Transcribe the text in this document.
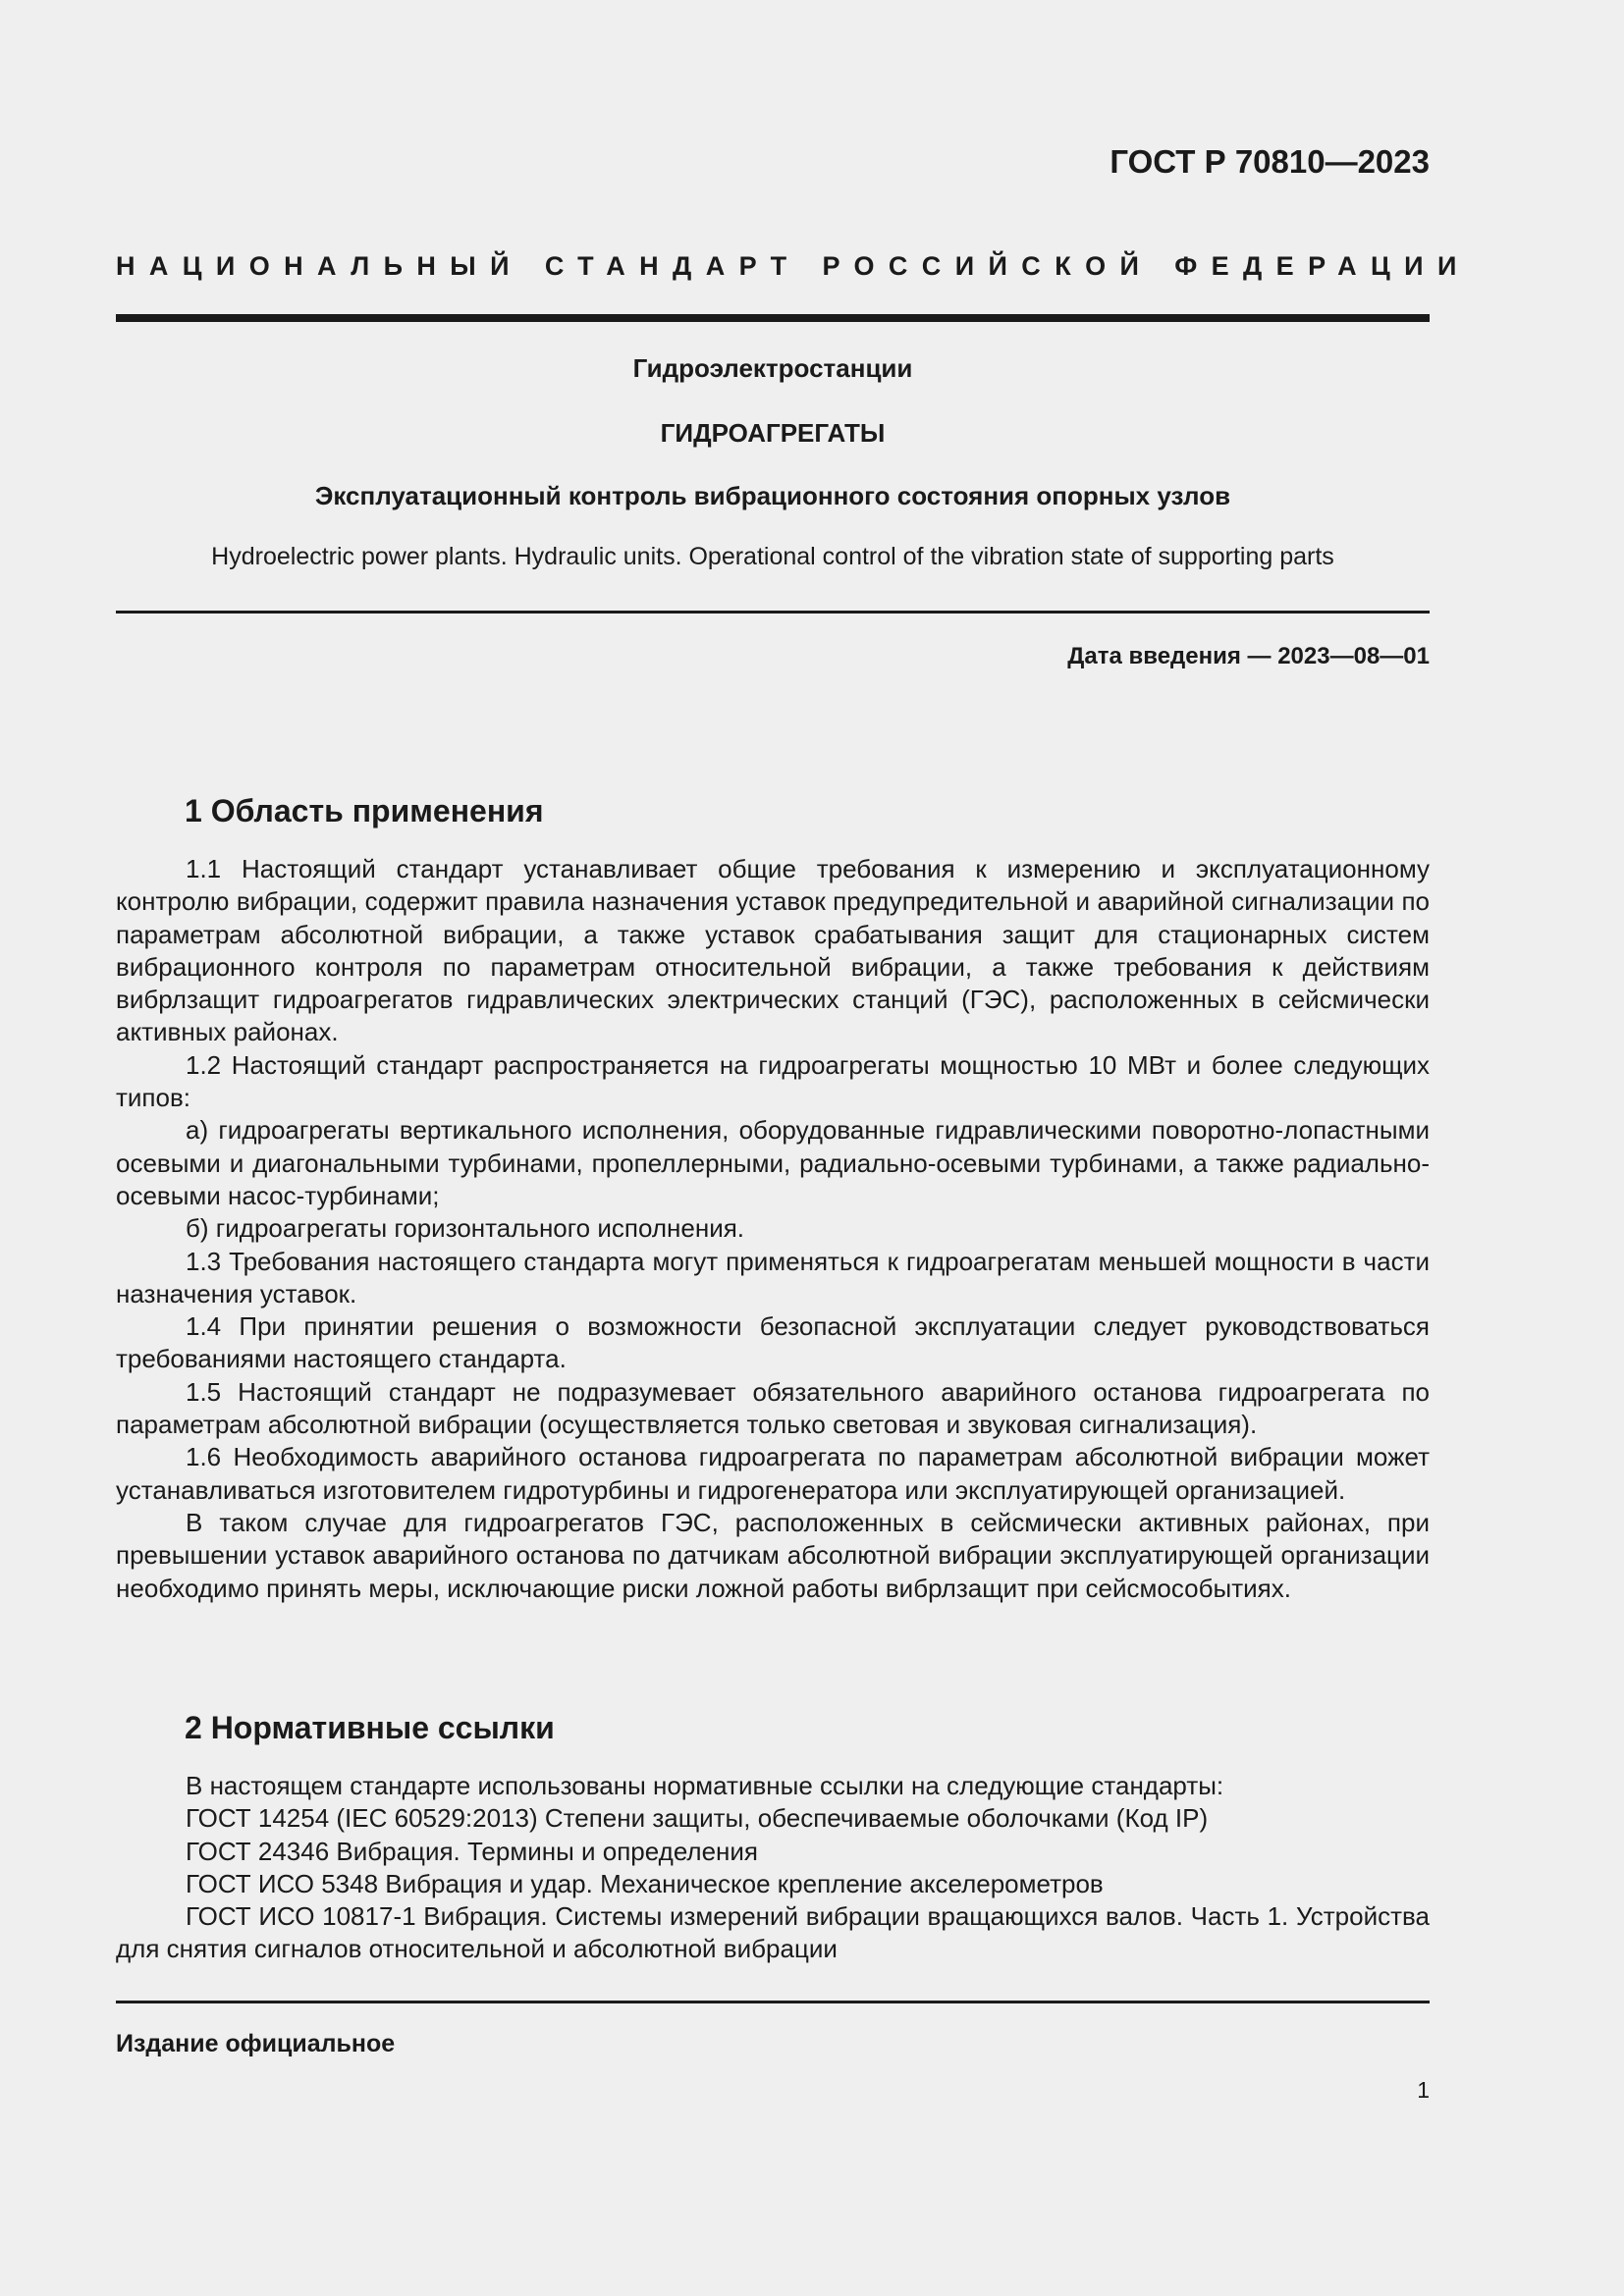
ГОСТ Р 70810—2023
НАЦИОНАЛЬНЫЙ СТАНДАРТ РОССИЙСКОЙ ФЕДЕРАЦИИ
Гидроэлектростанции
ГИДРОАГРЕГАТЫ
Эксплуатационный контроль вибрационного состояния опорных узлов
Hydroelectric power plants. Hydraulic units. Operational control of the vibration state of supporting parts
Дата введения — 2023—08—01
1 Область применения

1.1 Настоящий стандарт устанавливает общие требования к измерению и эксплуатационному контролю вибрации, содержит правила назначения уставок предупредительной и аварийной сигнализации по параметрам абсолютной вибрации, а также уставок срабатывания защит для стационарных систем вибрационного контроля по параметрам относительной вибрации, а также требования к действиям вибрлзащит гидроагрегатов гидравлических электрических станций (ГЭС), расположенных в сейсмически активных районах.

1.2 Настоящий стандарт распространяется на гидроагрегаты мощностью 10 МВт и более следующих типов:

а) гидроагрегаты вертикального исполнения, оборудованные гидравлическими поворотно-лопастными осевыми и диагональными турбинами, пропеллерными, радиально-осевыми турбинами, а также радиально-осевыми насос-турбинами;

б) гидроагрегаты горизонтального исполнения.

1.3 Требования настоящего стандарта могут применяться к гидроагрегатам меньшей мощности в части назначения уставок.

1.4 При принятии решения о возможности безопасной эксплуатации следует руководствоваться требованиями настоящего стандарта.

1.5 Настоящий стандарт не подразумевает обязательного аварийного останова гидроагрегата по параметрам абсолютной вибрации (осуществляется только световая и звуковая сигнализация).

1.6 Необходимость аварийного останова гидроагрегата по параметрам абсолютной вибрации может устанавливаться изготовителем гидротурбины и гидрогенератора или эксплуатирующей организацией.

В таком случае для гидроагрегатов ГЭС, расположенных в сейсмически активных районах, при превышении уставок аварийного останова по датчикам абсолютной вибрации эксплуатирующей организации необходимо принять меры, исключающие риски ложной работы вибрлзащит при сейсмособытиях.

2 Нормативные ссылки

В настоящем стандарте использованы нормативные ссылки на следующие стандарты:

ГОСТ 14254 (IEC 60529:2013) Степени защиты, обеспечиваемые оболочками (Код IP)

ГОСТ 24346 Вибрация. Термины и определения

ГОСТ ИСО 5348 Вибрация и удар. Механическое крепление акселерометров

ГОСТ ИСО 10817-1 Вибрация. Системы измерений вибрации вращающихся валов. Часть 1. Устройства для снятия сигналов относительной и абсолютной вибрации

Издание официальное
1
